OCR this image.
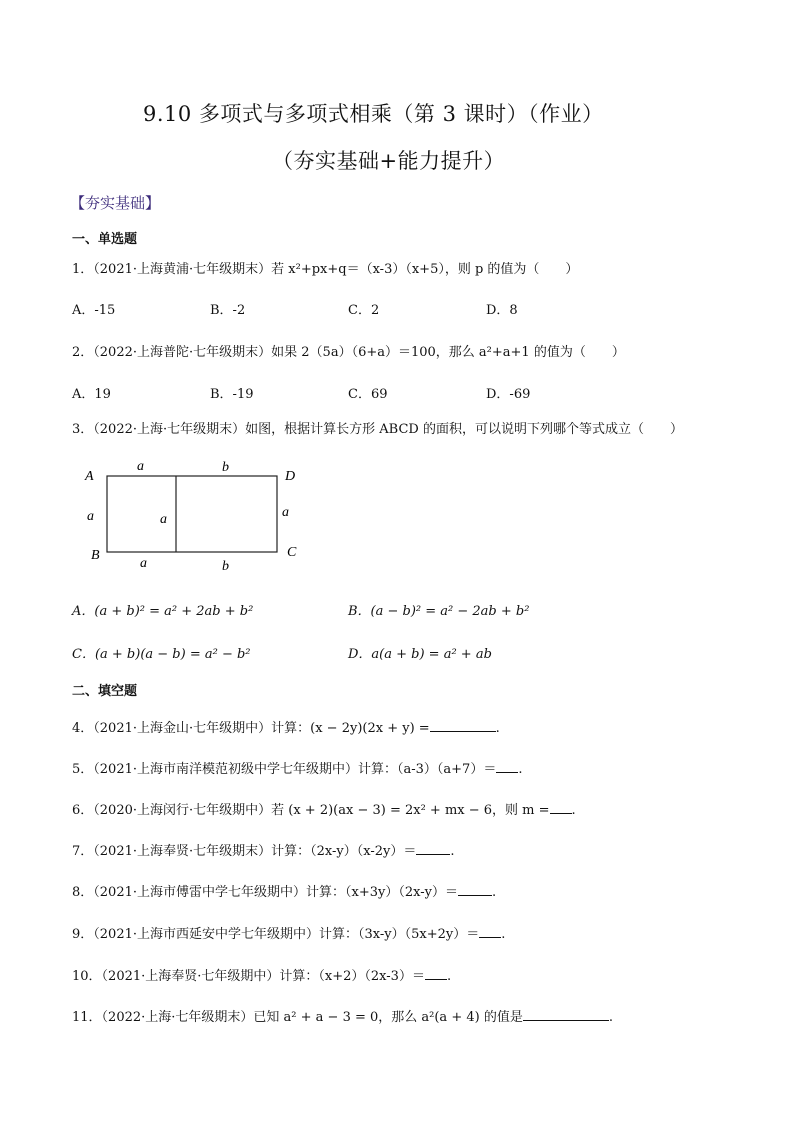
9.10 多项式与多项式相乘（第 3 课时）（作业）
（夯实基础+能力提升）
【夯实基础】
一、单选题
1．（2021·上海黄浦·七年级期末）若 x²+px+q＝（x-3）（x+5），则 p 的值为（　　）
A．-15	B．-2	C．2	D．8
2．（2022·上海普陀·七年级期末）如果 2（5a）（6+a）＝100，那么 a²+a+1 的值为（　　）
A．19	B．-19	C．69	D．-69
3．（2022·上海·七年级期末）如图，根据计算长方形 ABCD 的面积，可以说明下列哪个等式成立（　　）
A	D
B	C
a	b
a	a	a
a	b
A．(a + b)² = a² + 2ab + b²	B．(a − b)² = a² − 2ab + b²
C．(a + b)(a − b) = a² − b²	D．a(a + b) = a² + ab
二、填空题
4．（2021·上海金山·七年级期中）计算：(x − 2y)(2x + y) =	.
5．（2021·上海市南洋模范初级中学七年级期中）计算：（a-3）（a+7）＝ .
6．（2020·上海闵行·七年级期中）若 (x + 2)(ax − 3) = 2x² + mx − 6，则 m = .
7．（2021·上海奉贤·七年级期末）计算：（2x-y）（x-2y）＝	.
8．（2021·上海市傅雷中学七年级期中）计算：（x+3y）（2x-y）＝	.
9．（2021·上海市西延安中学七年级期中）计算：（3x-y）（5x+2y）＝ .
10．（2021·上海奉贤·七年级期中）计算：（x+2）（2x-3）＝ .
11．（2022·上海·七年级期末）已知 a² + a − 3 = 0，那么 a²(a + 4) 的值是	.
